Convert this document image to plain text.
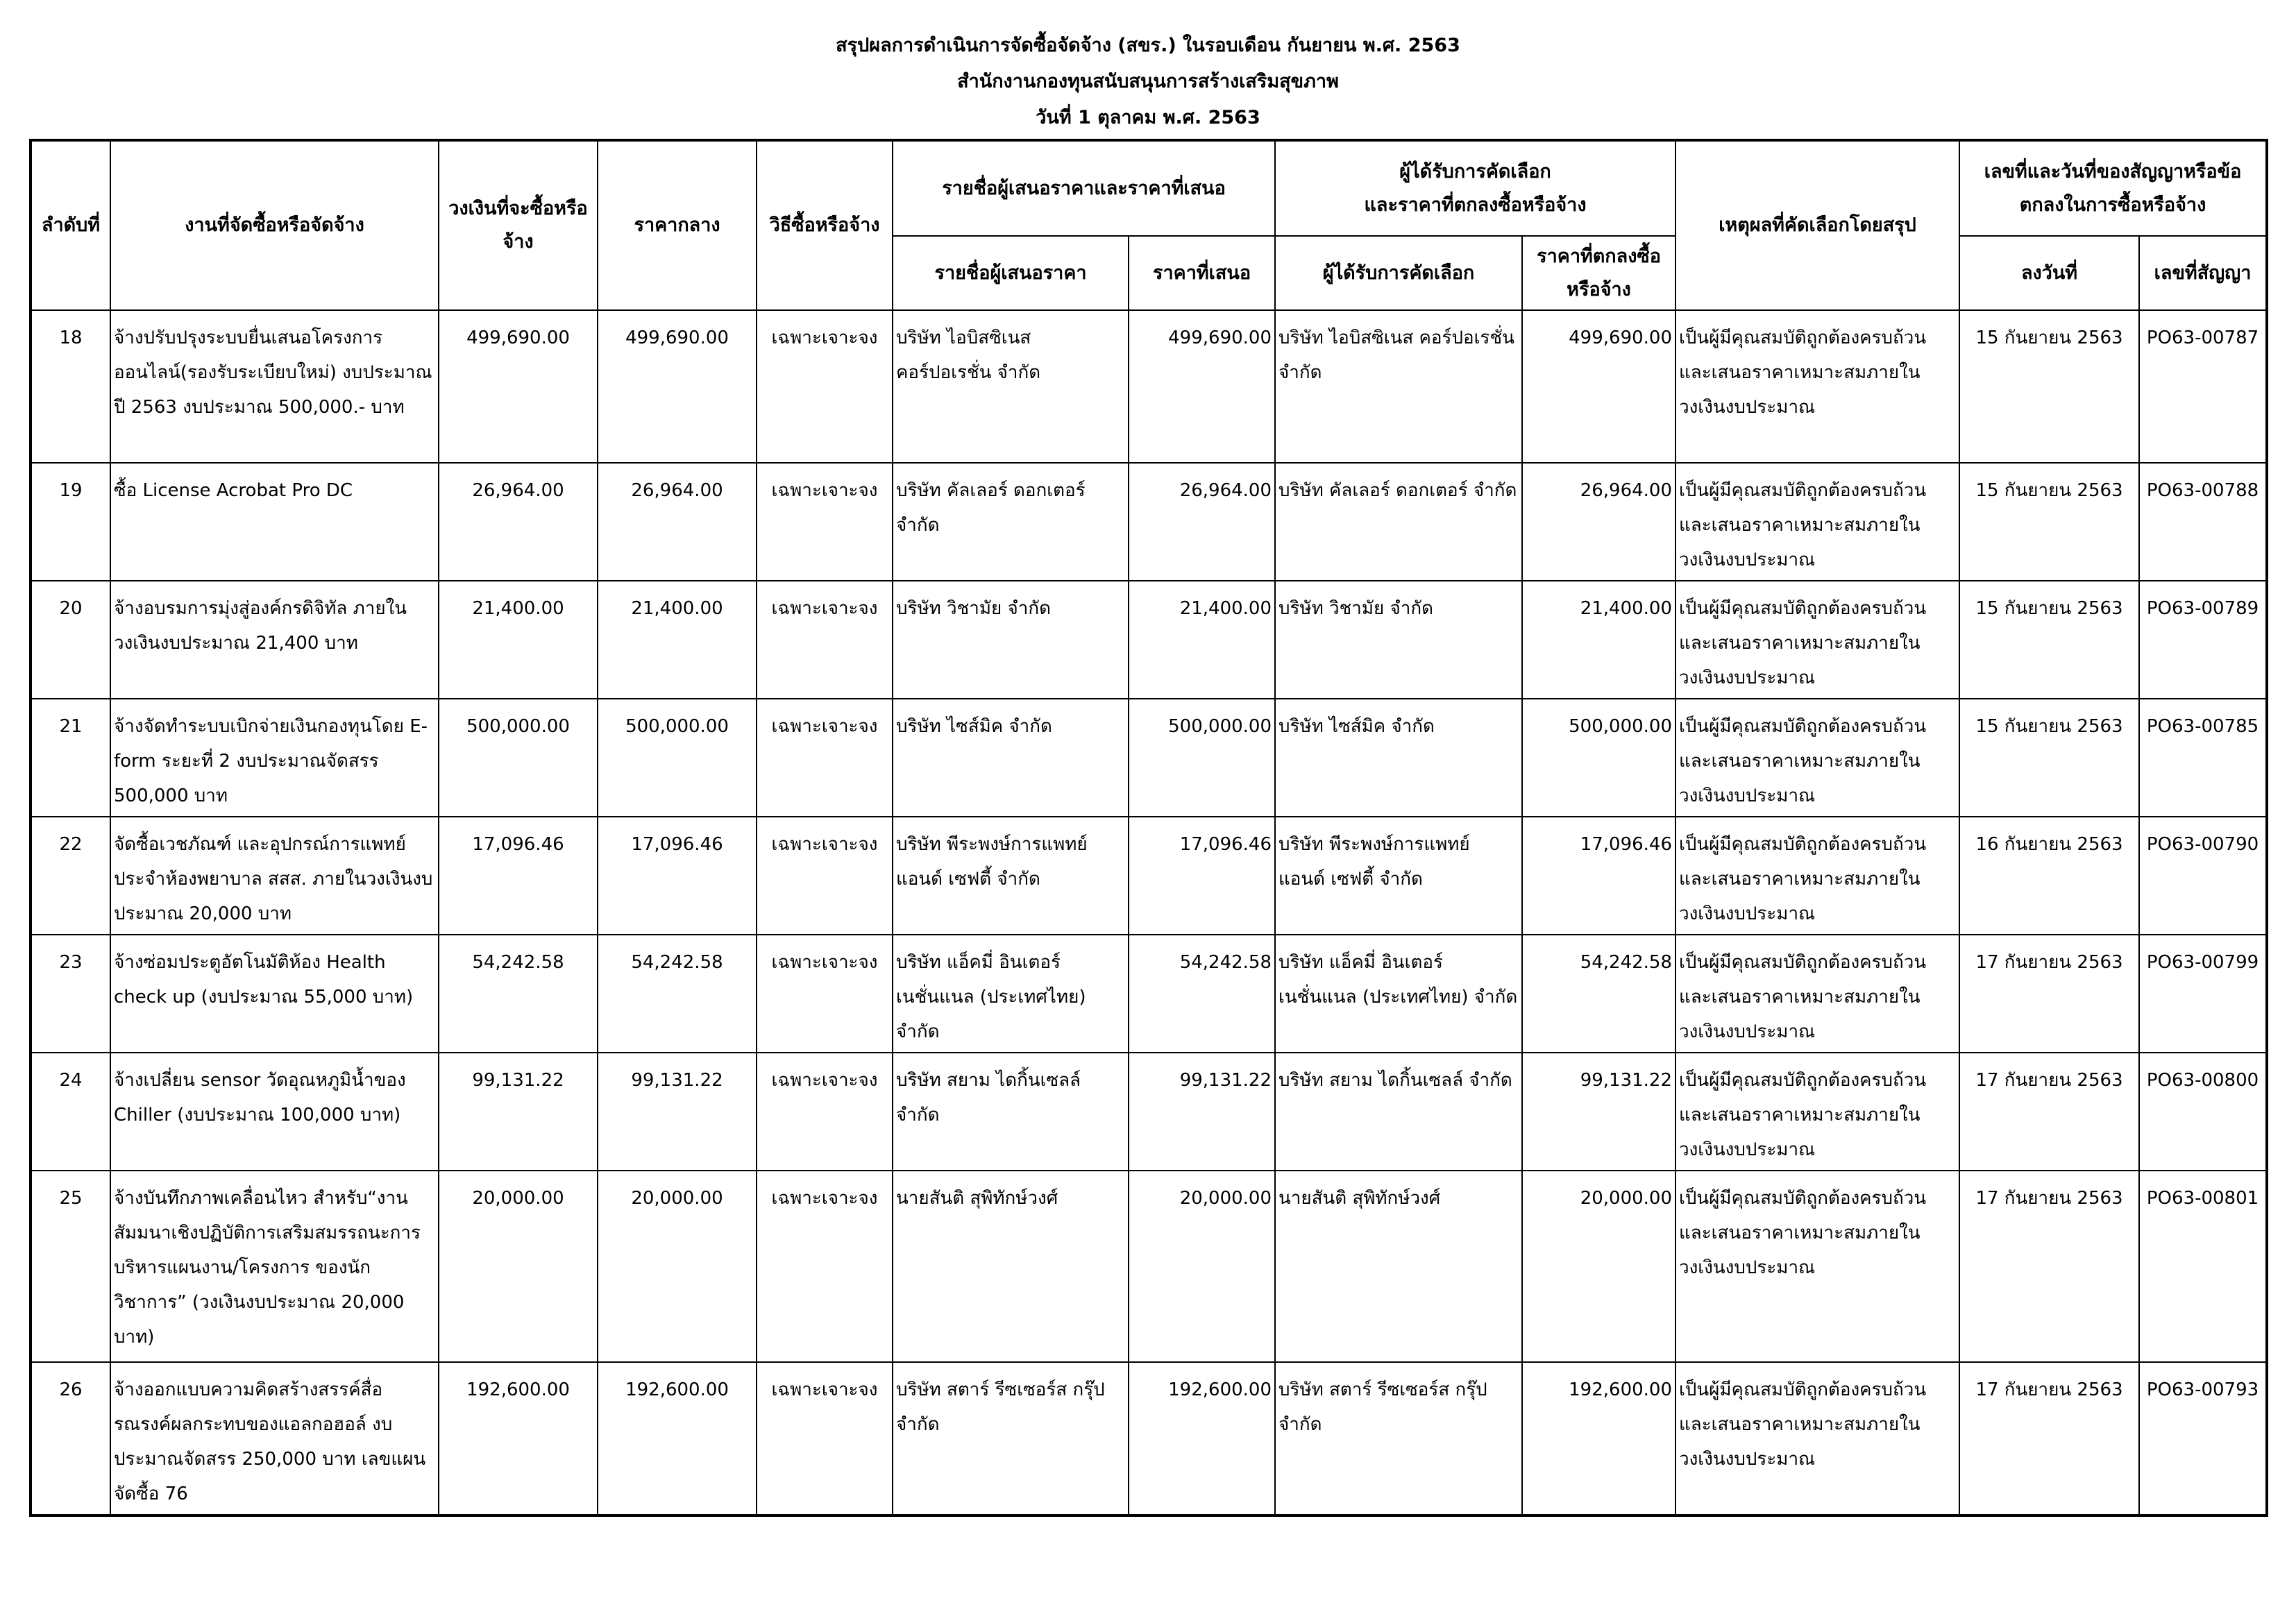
สรุปผลการดำเนินการจัดซื้อจัดจ้าง (สขร.) ในรอบเดือน กันยายน พ.ศ. 2563
สำนักงานกองทุนสนับสนุนการสร้างเสริมสุขภาพ
วันที่ 1 ตุลาคม พ.ศ. 2563
ลำดับที่	งานที่จัดซื้อหรือจัดจ้าง	วงเงินที่จะซื้อหรือจ้าง	ราคากลาง	วิธีซื้อหรือจ้าง	รายชื่อผู้เสนอราคาและราคาที่เสนอ		ผู้ได้รับการคัดเลือก
และราคาที่ตกลงซื้อหรือจ้าง		เหตุผลที่คัดเลือกโดยสรุป	เลขที่และวันที่ของสัญญาหรือข้อตกลงในการซื้อหรือจ้าง	
					รายชื่อผู้เสนอราคา	ราคาที่เสนอ	ผู้ได้รับการคัดเลือก	ราคาที่ตกลงซื้อหรือจ้าง		ลงวันที่	เลขที่สัญญา
18	จ้างปรับปรุงระบบยื่นเสนอโครงการออนไลน์(รองรับระเบียบใหม่) งบประมาณปี 2563 งบประมาณ 500,000.- บาท	499,690.00	499,690.00	เฉพาะเจาะจง	บริษัท ไอบิสซิเนส คอร์ปอเรชั่น จำกัด	499,690.00	บริษัท ไอบิสซิเนส คอร์ปอเรชั่น จำกัด	499,690.00	เป็นผู้มีคุณสมบัติถูกต้องครบถ้วนและเสนอราคาเหมาะสมภายในวงเงินงบประมาณ	15 กันยายน 2563	PO63-00787
19	ซื้อ License Acrobat Pro DC	26,964.00	26,964.00	เฉพาะเจาะจง	บริษัท คัลเลอร์ ดอกเตอร์ จำกัด	26,964.00	บริษัท คัลเลอร์ ดอกเตอร์ จำกัด	26,964.00	เป็นผู้มีคุณสมบัติถูกต้องครบถ้วนและเสนอราคาเหมาะสมภายในวงเงินงบประมาณ	15 กันยายน 2563	PO63-00788
20	จ้างอบรมการมุ่งสู่องค์กรดิจิทัล ภายในวงเงินงบประมาณ 21,400 บาท	21,400.00	21,400.00	เฉพาะเจาะจง	บริษัท วิชามัย จำกัด	21,400.00	บริษัท วิชามัย จำกัด	21,400.00	เป็นผู้มีคุณสมบัติถูกต้องครบถ้วนและเสนอราคาเหมาะสมภายในวงเงินงบประมาณ	15 กันยายน 2563	PO63-00789
21	จ้างจัดทำระบบเบิกจ่ายเงินกองทุนโดย E-form ระยะที่ 2 งบประมาณจัดสรร 500,000 บาท	500,000.00	500,000.00	เฉพาะเจาะจง	บริษัท ไซส์มิค จำกัด	500,000.00	บริษัท ไซส์มิค จำกัด	500,000.00	เป็นผู้มีคุณสมบัติถูกต้องครบถ้วนและเสนอราคาเหมาะสมภายในวงเงินงบประมาณ	15 กันยายน 2563	PO63-00785
22	จัดซื้อเวชภัณฑ์ และอุปกรณ์การแพทย์ประจำห้องพยาบาล สสส. ภายในวงเงินงบประมาณ 20,000 บาท	17,096.46	17,096.46	เฉพาะเจาะจง	บริษัท พีระพงษ์การแพทย์ แอนด์ เซฟตี้ จำกัด	17,096.46	บริษัท พีระพงษ์การแพทย์ แอนด์ เซฟตี้ จำกัด	17,096.46	เป็นผู้มีคุณสมบัติถูกต้องครบถ้วนและเสนอราคาเหมาะสมภายในวงเงินงบประมาณ	16 กันยายน 2563	PO63-00790
23	จ้างซ่อมประตูอัตโนมัติห้อง Health check up (งบประมาณ 55,000 บาท)	54,242.58	54,242.58	เฉพาะเจาะจง	บริษัท แอ็คมี่ อินเตอร์เนชั่นแนล (ประเทศไทย) จำกัด	54,242.58	บริษัท แอ็คมี่ อินเตอร์เนชั่นแนล (ประเทศไทย) จำกัด	54,242.58	เป็นผู้มีคุณสมบัติถูกต้องครบถ้วนและเสนอราคาเหมาะสมภายในวงเงินงบประมาณ	17 กันยายน 2563	PO63-00799
24	จ้างเปลี่ยน sensor วัดอุณหภูมิน้ำของ Chiller (งบประมาณ 100,000 บาท)	99,131.22	99,131.22	เฉพาะเจาะจง	บริษัท สยาม ไดกิ้นเซลล์ จำกัด	99,131.22	บริษัท สยาม ไดกิ้นเซลล์ จำกัด	99,131.22	เป็นผู้มีคุณสมบัติถูกต้องครบถ้วนและเสนอราคาเหมาะสมภายในวงเงินงบประมาณ	17 กันยายน 2563	PO63-00800
25	จ้างบันทึกภาพเคลื่อนไหว สำหรับ“งานสัมมนาเชิงปฏิบัติการเสริมสมรรถนะการบริหารแผนงาน/โครงการ ของนักวิชาการ” (วงเงินงบประมาณ 20,000 บาท)	20,000.00	20,000.00	เฉพาะเจาะจง	นายสันติ สุพิทักษ์วงศ์	20,000.00	นายสันติ สุพิทักษ์วงศ์	20,000.00	เป็นผู้มีคุณสมบัติถูกต้องครบถ้วนและเสนอราคาเหมาะสมภายในวงเงินงบประมาณ	17 กันยายน 2563	PO63-00801
26	จ้างออกแบบความคิดสร้างสรรค์สื่อรณรงค์ผลกระทบของแอลกอฮอล์ งบประมาณจัดสรร 250,000 บาท เลขแผนจัดซื้อ 76	192,600.00	192,600.00	เฉพาะเจาะจง	บริษัท สตาร์ รีซเซอร์ส กรุ๊ป จำกัด	192,600.00	บริษัท สตาร์ รีซเซอร์ส กรุ๊ป จำกัด	192,600.00	เป็นผู้มีคุณสมบัติถูกต้องครบถ้วนและเสนอราคาเหมาะสมภายในวงเงินงบประมาณ	17 กันยายน 2563	PO63-00793
